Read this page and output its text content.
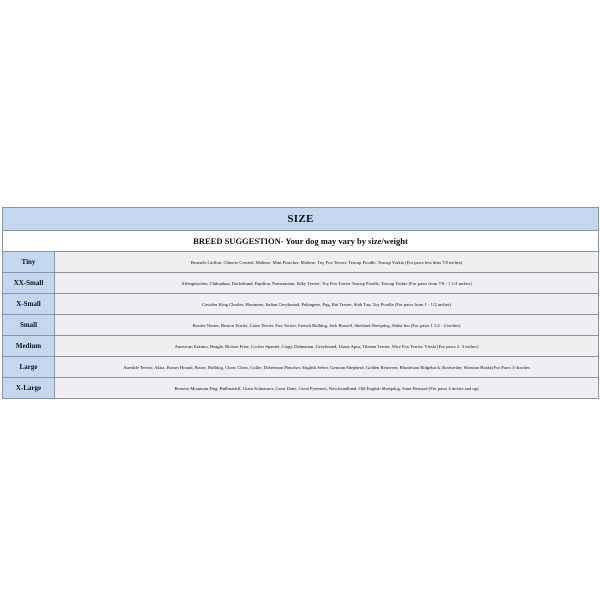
SIZE	
BREED SUGGESTION- Your dog may vary by size/weight	
Tiny	Brussels Griffon, Chinese Crested, Maltese, Mini Pinscher, Maltese, Toy Fox Terrier, Teacup Poodle, Teacup Yorkie (For paws less than 7/8 inches)
XX-Small	Affenpinscher, Chihuahua, Dachshund, Papillon, Pomeranian, Silky Terrier, Toy Fox Terrier Teacup Poodle, Teacup Yorkie (For paws from 7/8 - 1 1/4 inches)
X-Small	Cavalier King Charles, Havanese, Italian Greyhound, Pekingese, Pug, Rat Terrier, Shih Tzu, Toy Poodle (For paws from 1 - 1/2 inches)
Small	Border Terrier, Boston Terrier, Cairn Terrier, Fox Terrier, French Bulldog, Jack Russell, Shetland Sheepdog, Shiba Inu (For paws 1 1/2 - 2 inches)
Medium	American Eskimo, Beagle, Bichon Frise, Cocker Spaniel, Corgi, Dalmatian, Greyhound, Lhasa Apso, Tibetan Terrier, Wire Fox Terrier, Vizsla (For paws 2 -3 inches)
Large	Airedale Terrier, Akita, Basset Hound, Boxer, Bulldog, Chow Chow, Collie, Doberman Pinscher, English Setter, German Shepherd, Golden Retriever, Rhodesian Ridgeback, Rottweiler, Siberian Husky(For Paws 3-4inches
X-Large	Bernese Mountain Dog, Bullmastiff, Giant Schnauzer, Great Dane, Great Pyrenees, Newfoundland, Old English Sheepdog, Saint Bernard (For paws 4 inches and up)
